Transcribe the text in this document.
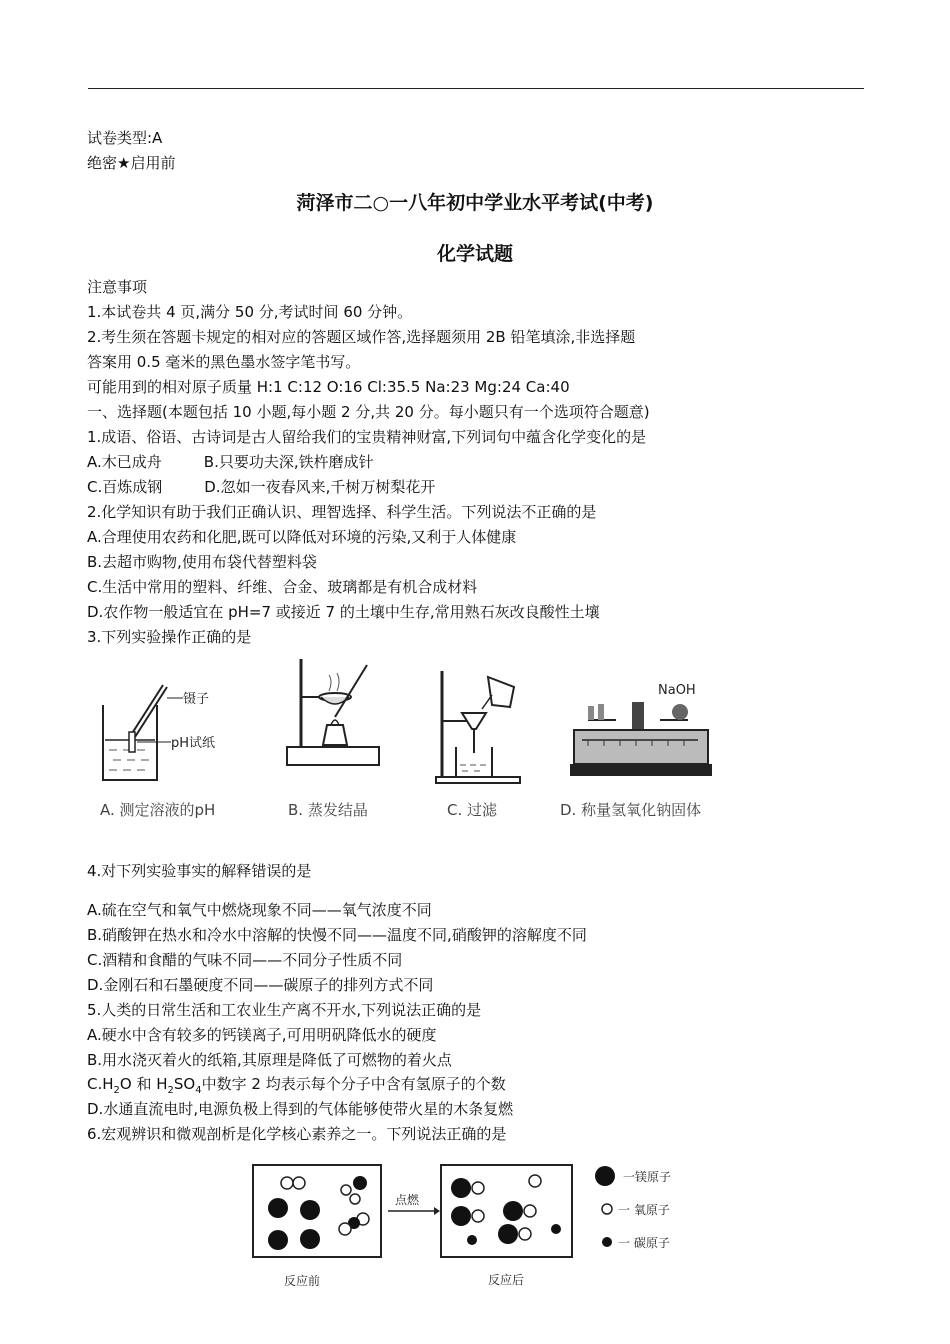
试卷类型:A
绝密★启用前
菏泽市二○一八年初中学业水平考试(中考)
化学试题
注意事项
1.本试卷共 4 页,满分 50 分,考试时间 60 分钟。
2.考生须在答题卡规定的相对应的答题区域作答,选择题须用 2B 铅笔填涂,非选择题
答案用 0.5 毫米的黑色墨水签字笔书写。
可能用到的相对原子质量 H:1 C:12 O:16 Cl:35.5 Na:23 Mg:24 Ca:40
一、选择题(本题包括 10 小题,每小题 2 分,共 20 分。每小题只有一个选项符合题意)
1.成语、俗语、古诗词是古人留给我们的宝贵精神财富,下列词句中蕴含化学变化的是
A.木已成舟	B.只要功夫深,铁杵磨成针
C.百炼成钢	D.忽如一夜春风来,千树万树梨花开
2.化学知识有助于我们正确认识、理智选择、科学生活。下列说法不正确的是
A.合理使用农药和化肥,既可以降低对环境的污染,又利于人体健康
B.去超市购物,使用布袋代替塑料袋
C.生活中常用的塑料、纤维、合金、玻璃都是有机合成材料
D.农作物一般适宜在 pH=7 或接近 7 的土壤中生存,常用熟石灰改良酸性土壤
3.下列实验操作正确的是
镊子
pH试纸
A. 测定溶液的pH	B. 蒸发结晶	C. 过滤
NaOH
D. 称量氢氧化钠固体
4.对下列实验事实的解释错误的是
A.硫在空气和氧气中燃烧现象不同——氧气浓度不同
B.硝酸钾在热水和冷水中溶解的快慢不同——温度不同,硝酸钾的溶解度不同
C.酒精和食醋的气味不同——不同分子性质不同
D.金刚石和石墨硬度不同——碳原子的排列方式不同
5.人类的日常生活和工农业生产离不开水,下列说法正确的是
A.硬水中含有较多的钙镁离子,可用明矾降低水的硬度
B.用水浇灭着火的纸箱,其原理是降低了可燃物的着火点
$C.H_2O$ 和 $H_2SO_4$中数字 2 均表示每个分子中含有氢原子的个数
D.水通直流电时,电源负极上得到的气体能够使带火星的木条复燃
6.宏观辨识和微观剖析是化学核心素养之一。下列说法正确的是
点燃
一镁原子
一 氧原子
一 碳原子
反应前	反应后
